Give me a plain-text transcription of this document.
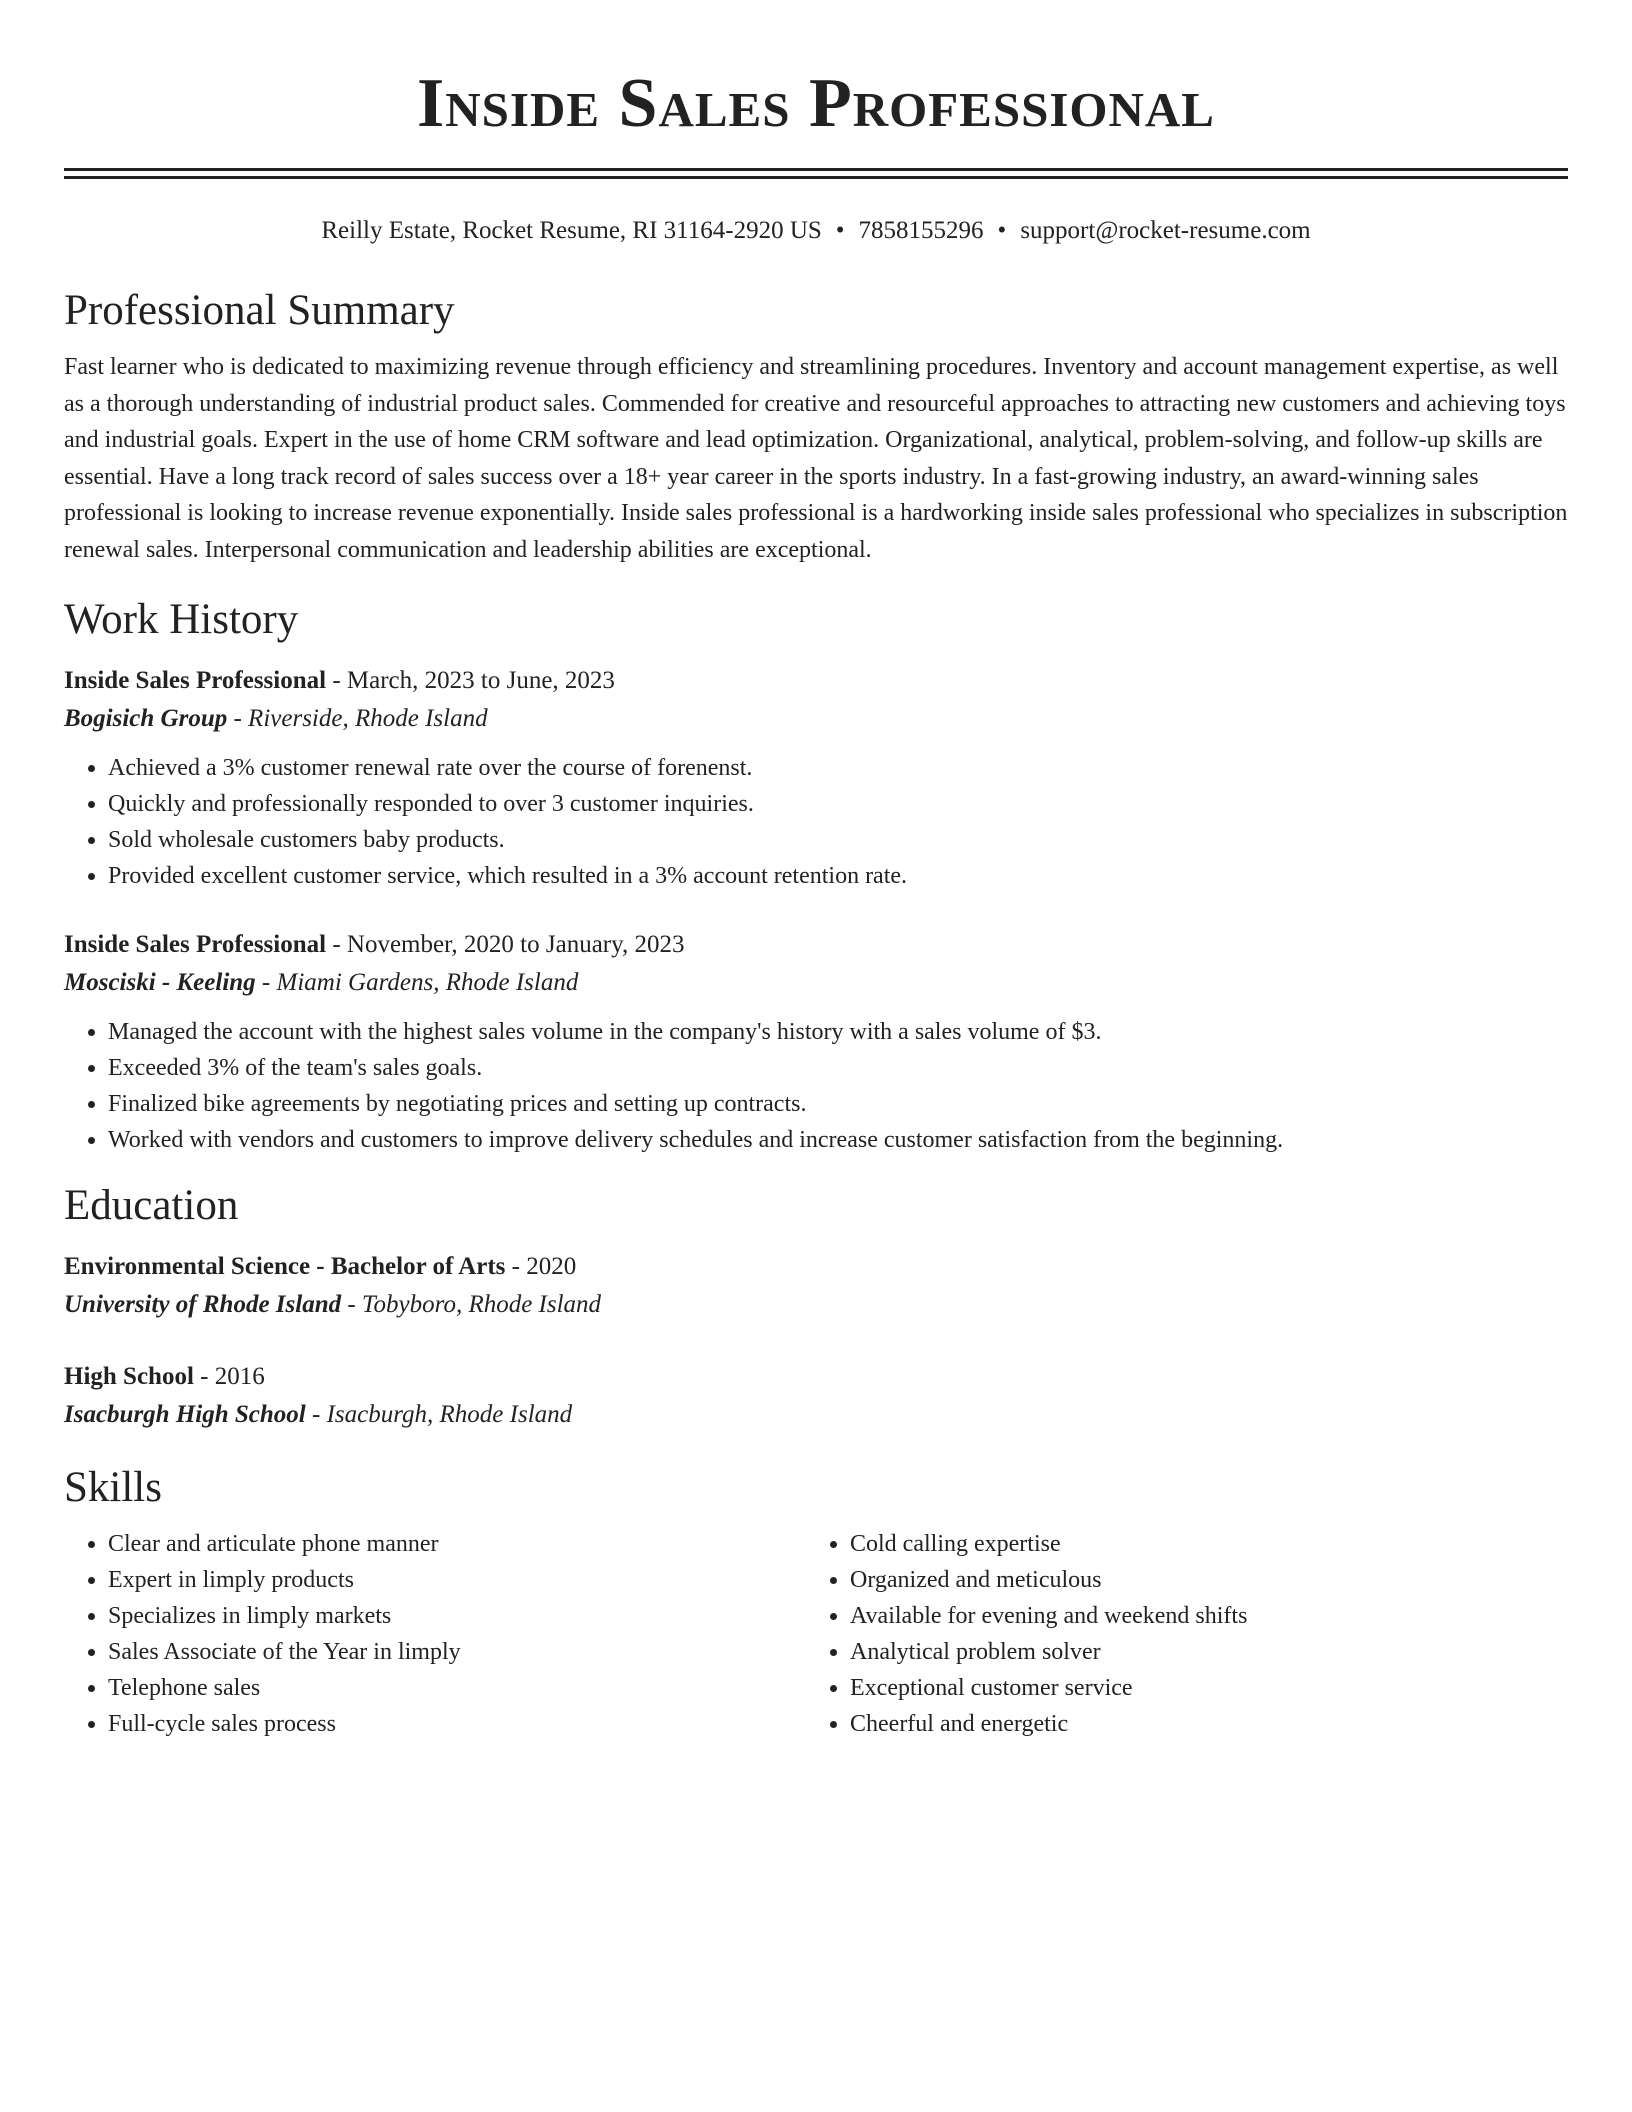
Inside Sales Professional
Reilly Estate, Rocket Resume, RI 31164-2920 US • 7858155296 • support@rocket-resume.com
Professional Summary
Fast learner who is dedicated to maximizing revenue through efficiency and streamlining procedures. Inventory and account management expertise, as well as a thorough understanding of industrial product sales. Commended for creative and resourceful approaches to attracting new customers and achieving toys and industrial goals. Expert in the use of home CRM software and lead optimization. Organizational, analytical, problem-solving, and follow-up skills are essential. Have a long track record of sales success over a 18+ year career in the sports industry. In a fast-growing industry, an award-winning sales professional is looking to increase revenue exponentially. Inside sales professional is a hardworking inside sales professional who specializes in subscription renewal sales. Interpersonal communication and leadership abilities are exceptional.
Work History
Inside Sales Professional - March, 2023 to June, 2023
Bogisich Group - Riverside, Rhode Island
• Achieved a 3% customer renewal rate over the course of forenenst.
• Quickly and professionally responded to over 3 customer inquiries.
• Sold wholesale customers baby products.
• Provided excellent customer service, which resulted in a 3% account retention rate.
Inside Sales Professional - November, 2020 to January, 2023
Mosciski - Keeling - Miami Gardens, Rhode Island
• Managed the account with the highest sales volume in the company's history with a sales volume of $3.
• Exceeded 3% of the team's sales goals.
• Finalized bike agreements by negotiating prices and setting up contracts.
• Worked with vendors and customers to improve delivery schedules and increase customer satisfaction from the beginning.
Education
Environmental Science - Bachelor of Arts - 2020
University of Rhode Island - Tobyboro, Rhode Island
High School - 2016
Isacburgh High School - Isacburgh, Rhode Island
Skills
• Clear and articulate phone manner
• Expert in limply products
• Specializes in limply markets
• Sales Associate of the Year in limply
• Telephone sales
• Full-cycle sales process
• Cold calling expertise
• Organized and meticulous
• Available for evening and weekend shifts
• Analytical problem solver
• Exceptional customer service
• Cheerful and energetic
